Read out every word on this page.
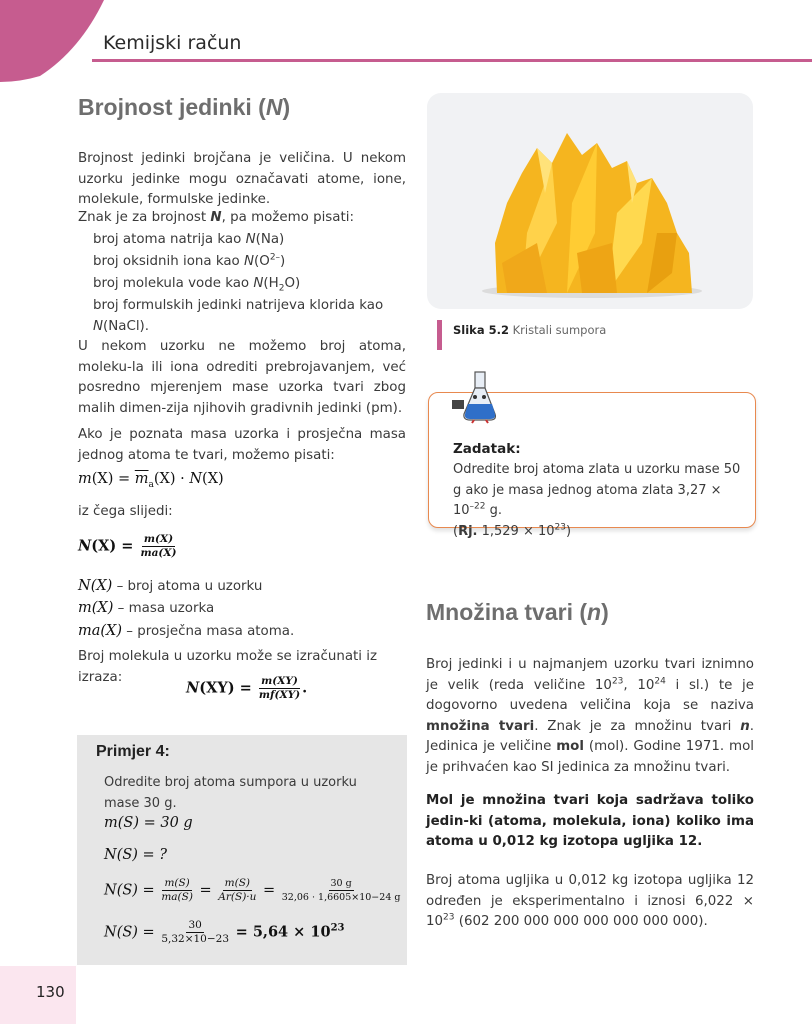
Kemijski račun
Brojnost jedinki (N)
Brojnost jedinki brojčana je veličina. U nekom uzorku jedinke mogu označavati atome, ione, molekule, formulske jedinke.
Znak je za brojnost N, pa možemo pisati:
broj atoma natrija kao N(Na)
broj oksidnih iona kao $N(O^{2-})$
broj molekula vode kao $N(H_2O)$
broj formulskih jedinki natrijeva klorida kao
N(NaCl).
U nekom uzorku ne možemo broj atoma, moleku-la ili iona odrediti prebrojavanjem, već posredno mjerenjem mase uzorka tvari zbog malih dimen-zija njihovih gradivnih jedinki (pm).
Ako je poznata masa uzorka i prosječna masa jednog atoma te tvari, možemo pisati:
$m(X) = \overline{m}_a(X) \cdot N(X)$
iz čega slijedi:
$N(X) = \frac{m(X)}{ma(X)}$
N(X) – broj atoma u uzorku
m(X) – masa uzorka
ma(X) – prosječna masa atoma.
Broj molekula u uzorku može se izračunati iz izraza:
$N(XY) = \frac{m(XY)}{mf(XY)}$ .
Primjer 4:
Odredite broj atoma sumpora u uzorku masе 30 g.
m(S) = 30 g
N(S) = ?
$N(S) = \frac{m(S)}{ma(S)} = \frac{m(S)}{Ar(S)\cdot u} = \frac{30 g}{32,06 \cdot 1,6605\times 10-24 g}$
$N(S) = \frac{30}{5,32\times 10-23} = 5,64 \times 10^{23}$
Slika 5.2 Kristali sumpora
Zadatak:
Odredite broj atoma zlata u uzorku mase 50 g ako je masa jednog atoma zlata $3,27 \times 10^{-22}$ g.
(Rj. $1,529 \times 10^{23}$)
Množina tvari (n)
Broj jedinki i u najmanjem uzorku tvari iznimno je velik (reda veličine $10^{23}$, $10^{24}$ i sl.) te je dogovorno uvedena veličina koja se naziva množina tvari. Znak je za množinu tvari n. Jedinica je veličine mol (mol). Godine 1971. mol je prihvaćen kao SI jedinica za množinu tvari.
Mol je množina tvari koja sadržava toliko jedin-ki (atoma, molekula, iona) koliko ima atoma u 0,012 kg izotopa ugljika 12.
Broj atoma ugljika u 0,012 kg izotopa ugljika 12 određen je eksperimentalno i iznosi $6,022 \times 10^{23}$ (602 200 000 000 000 000 000 000).
130
